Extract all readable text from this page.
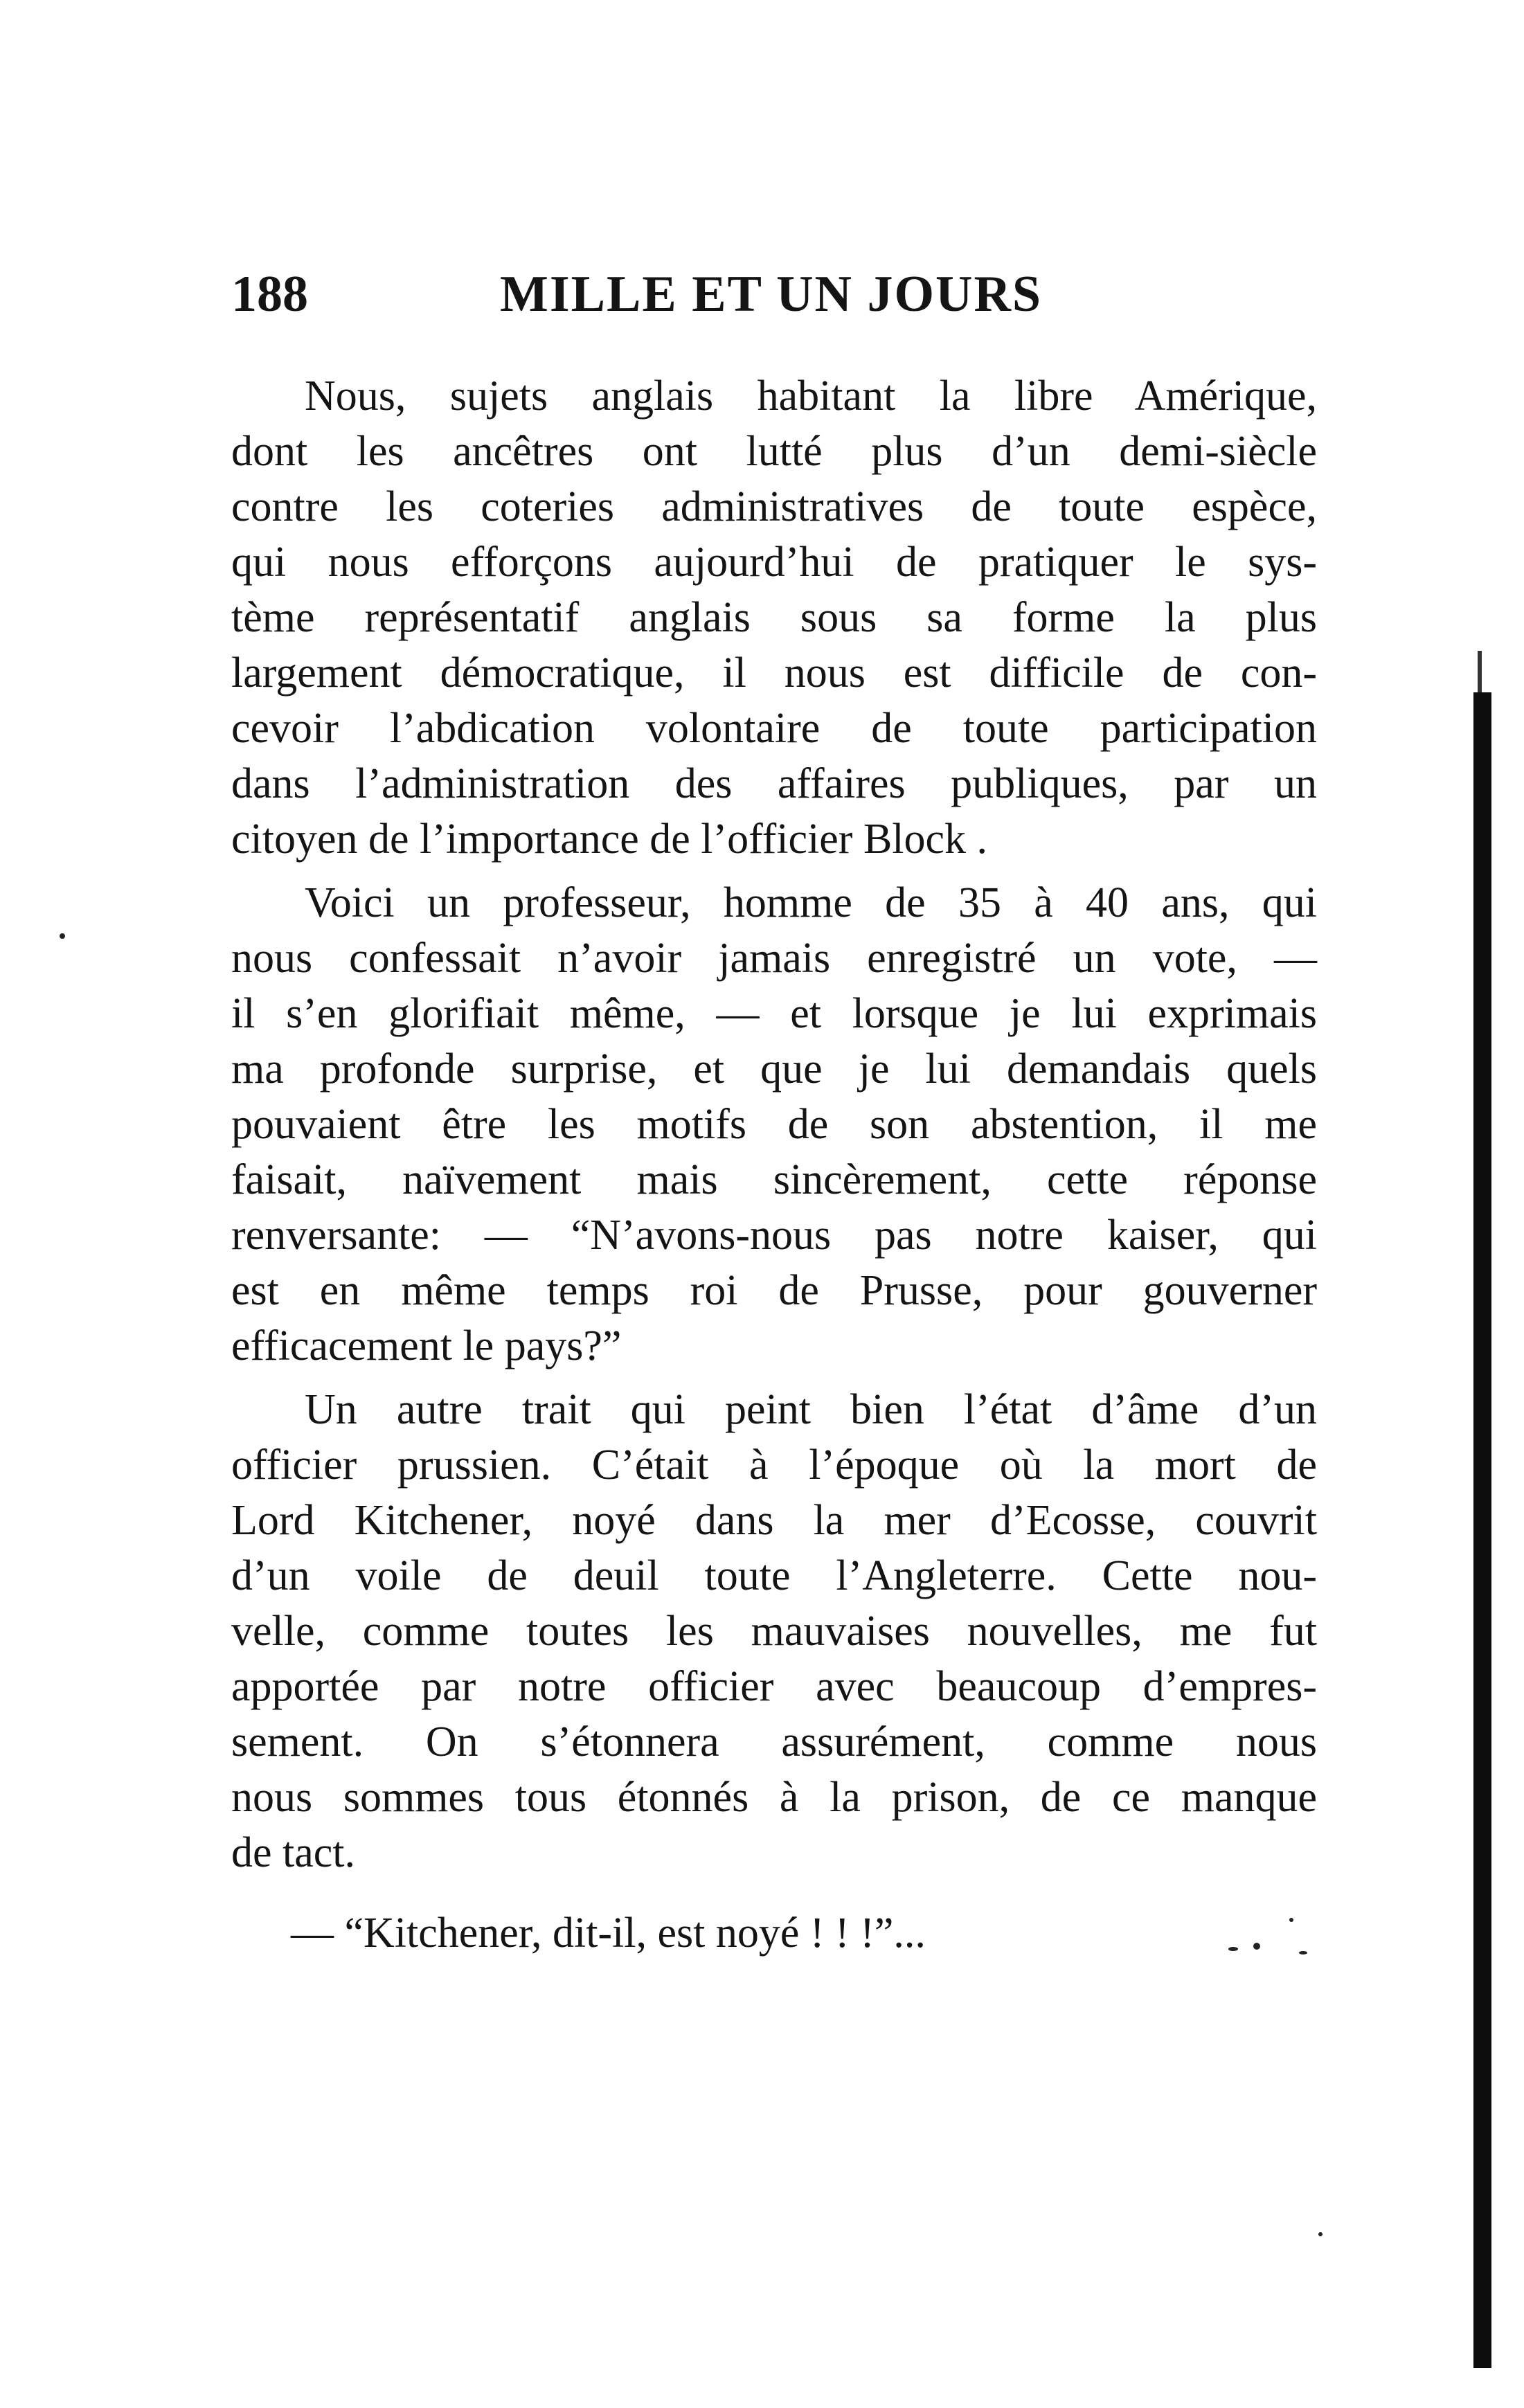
188	MILLE ET UN JOURS
Nous, sujets anglais habitant la libre Amérique,
dont les ancêtres ont lutté plus d’un demi-siècle
contre les coteries administratives de toute espèce,
qui nous efforçons aujourd’hui de pratiquer le sys-
tème représentatif anglais sous sa forme la plus
largement démocratique, il nous est difficile de con-
cevoir l’abdication volontaire de toute participation
dans l’administration des affaires publiques, par un
citoyen de l’importance de l’officier Block .
Voici un professeur, homme de 35 à 40 ans, qui
nous confessait n’avoir jamais enregistré un vote, —
il s’en glorifiait même, — et lorsque je lui exprimais
ma profonde surprise, et que je lui demandais quels
pouvaient être les motifs de son abstention, il me
faisait, naïvement mais sincèrement, cette réponse
renversante: — “N’avons-nous pas notre kaiser, qui
est en même temps roi de Prusse, pour gouverner
efficacement le pays?”
Un autre trait qui peint bien l’état d’âme d’un
officier prussien. C’était à l’époque où la mort de
Lord Kitchener, noyé dans la mer d’Ecosse, couvrit
d’un voile de deuil toute l’Angleterre. Cette nou-
velle, comme toutes les mauvaises nouvelles, me fut
apportée par notre officier avec beaucoup d’empres-
sement. On s’étonnera assurément, comme nous
nous sommes tous étonnés à la prison, de ce manque
de tact.
— “Kitchener, dit-il, est noyé ! ! !”...
